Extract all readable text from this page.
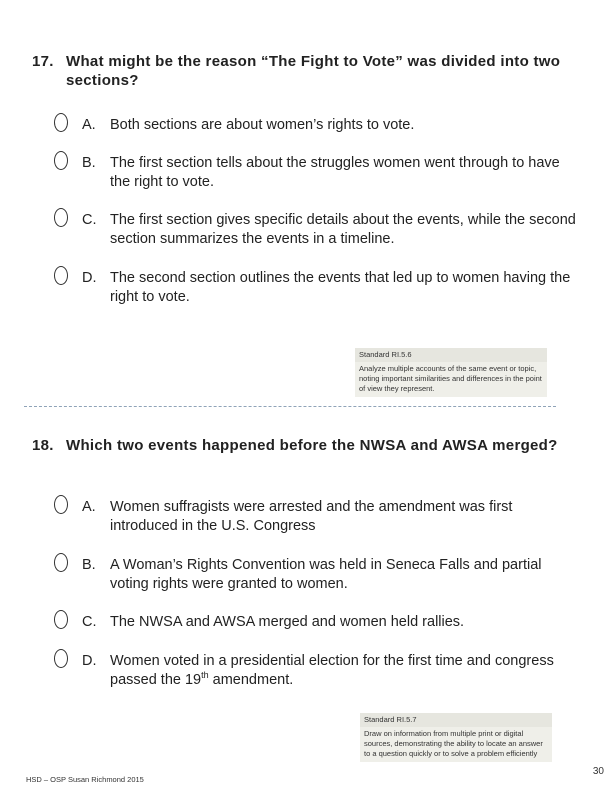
17. What might be the reason “The Fight to Vote” was divided into two sections?
A. Both sections are about women’s rights to vote.
B. The first section tells about the struggles women went through to have the right to vote.
C. The first section gives specific details about the events, while the second section summarizes the events in a timeline.
D. The second section outlines the events that led up to women having the right to vote.
Standard RI.5.6
Analyze multiple accounts of the same event or topic, noting important similarities and differences in the point of view they represent.
18. Which two events happened before the NWSA and AWSA merged?
A. Women suffragists were arrested and the amendment was first introduced in the U.S. Congress
B. A Woman’s Rights Convention was held in Seneca Falls and partial voting rights were granted to women.
C. The NWSA and AWSA merged and women held rallies.
D. Women voted in a presidential election for the first time and congress passed the 19th amendment.
Standard RI.5.7
Draw on information from multiple print or digital sources, demonstrating the ability to locate an answer to a question quickly or to solve a problem efficiently
HSD – OSP Susan Richmond 2015
30
